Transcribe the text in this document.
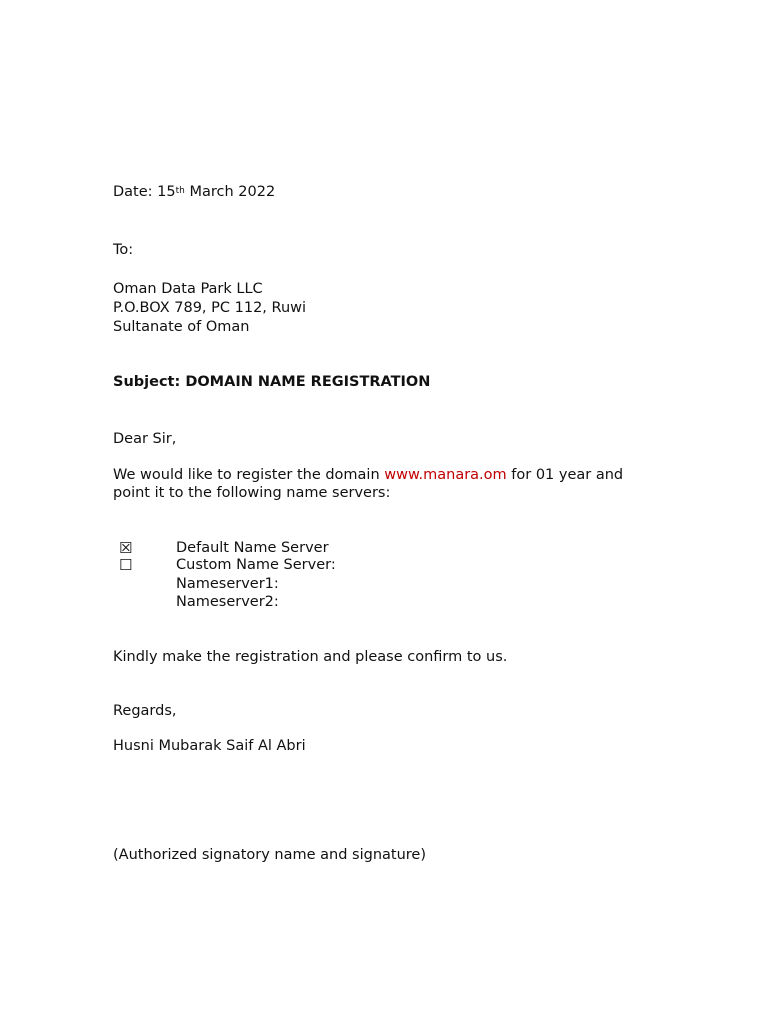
Date: 15th March 2022
To:
Oman Data Park LLC
P.O.BOX 789, PC 112, Ruwi
Sultanate of Oman
Subject: DOMAIN NAME REGISTRATION
Dear Sir,
We would like to register the domain www.manara.om for 01 year and
point it to the following name servers:
☒	Default Name Server
☐	Custom Name Server:
Nameserver1:
Nameserver2:
Kindly make the registration and please confirm to us.
Regards,
Husni Mubarak Saif Al Abri
(Authorized signatory name and signature)
